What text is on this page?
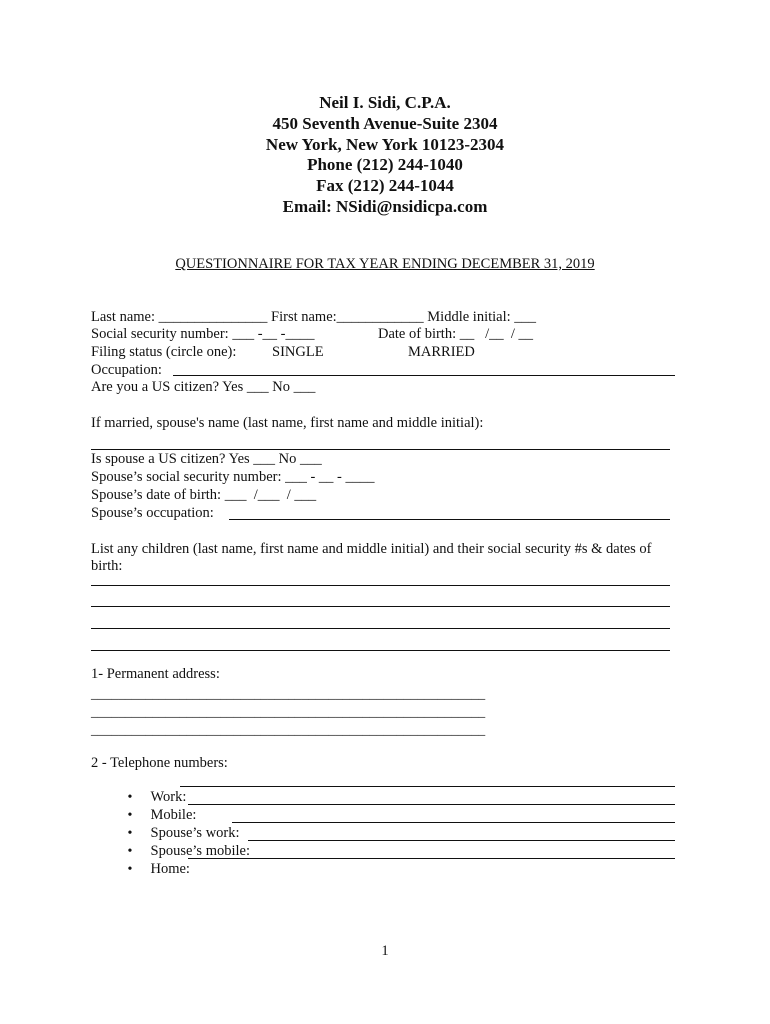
Neil I. Sidi, C.P.A.
450 Seventh Avenue-Suite 2304
New York, New York 10123-2304
Phone (212) 244-1040
Fax (212) 244-1044
Email: NSidi@nsidicpa.com
QUESTIONNAIRE FOR TAX YEAR ENDING DECEMBER 31, 2019
Last name: _______________ First name:____________ Middle initial: ___
Social security number: ___ -__ -____	Date of birth: __   /__  / __
Filing status (circle one): SINGLE	MARRIED
Occupation:
Are you a US citizen? Yes ___ No ___
If married, spouse's name (last name, first name and middle initial):
Is spouse a US citizen? Yes ___ No ___
Spouse’s social security number: ___ - __ - ____
Spouse’s date of birth: ___  /___  / ___
Spouse’s occupation:
List any children (last name, first name and middle initial) and their social security #s & dates of
birth:
1- Permanent address:
__________________________________________________________
__________________________________________________________
__________________________________________________________
2 - Telephone numbers:

• Work:

• Mobile:

• Spouse’s work:

• Spouse’s mobile:

• Home:

1
